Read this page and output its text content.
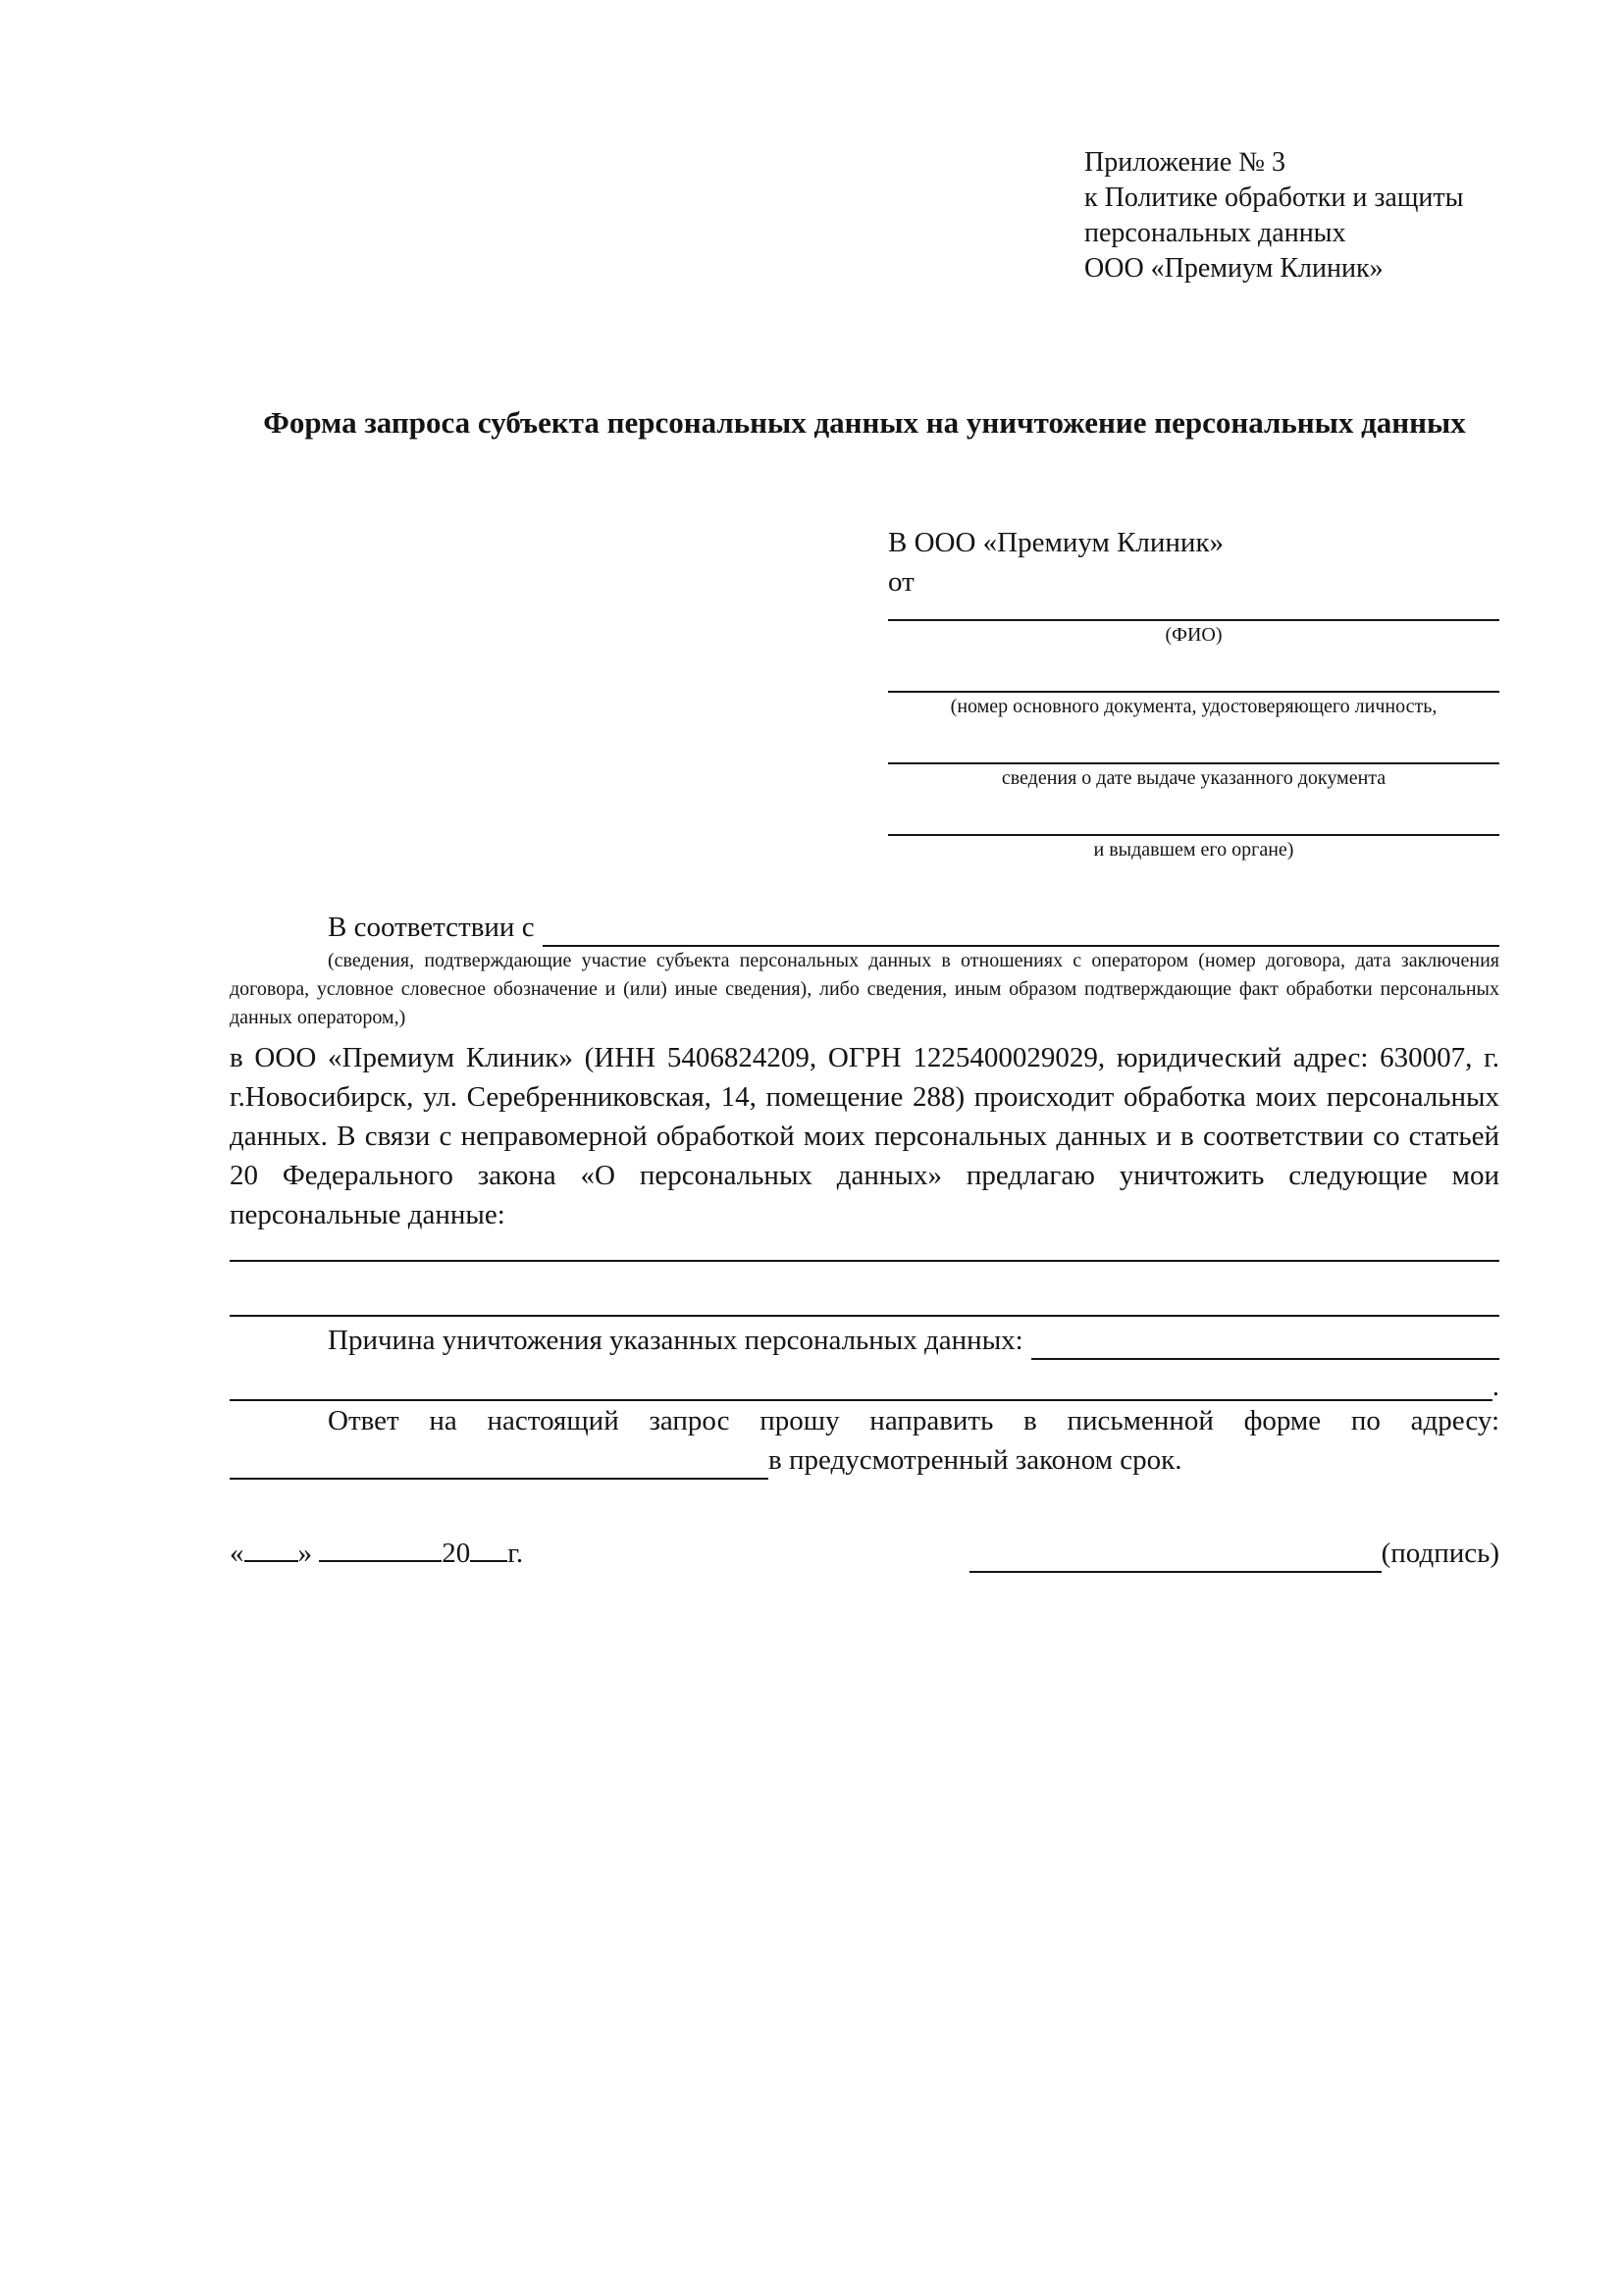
Приложение № 3
к Политике обработки и защиты
персональных данных
ООО «Премиум Клиник»
Форма запроса субъекта персональных данных на уничтожение персональных данных
В ООО «Премиум Клиник»
от
(ФИО)
(номер основного документа, удостоверяющего личность,
сведения о дате выдаче указанного документа
и выдавшем его органе)
В соответствии с

(сведения, подтверждающие участие субъекта персональных данных в отношениях с оператором (номер договора, дата заключения договора, условное словесное обозначение и (или) иные сведения), либо сведения, иным образом подтверждающие факт обработки персональных данных оператором,)

в ООО «Премиум Клиник» (ИНН 5406824209, ОГРН 1225400029029, юридический адрес: 630007, г. г.Новосибирск, ул. Серебренниковская, 14, помещение 288) происходит обработка моих персональных данных. В связи с неправомерной обработкой моих персональных данных и в соответствии со статьей 20 Федерального закона «О персональных данных» предлагаю уничтожить следующие мои персональные данные:

Причина уничтожения указанных персональных данных:
.

Ответ на настоящий запрос прошу направить в письменной форме по адресу:

в предусмотренный законом срок.
« »	20 г.	(подпись)
